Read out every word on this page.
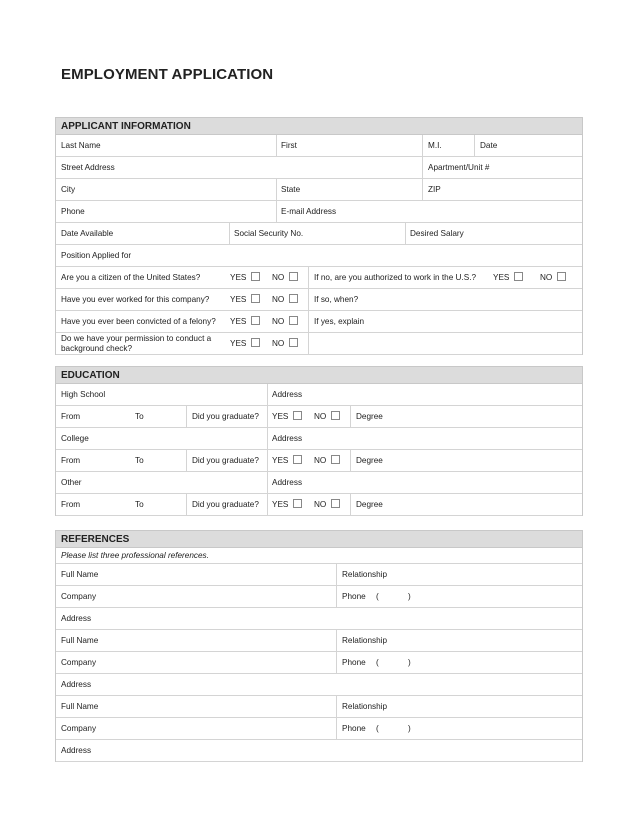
EMPLOYMENT APPLICATION
APPLICANT INFORMATION
Last Name	First	M.I.	Date
Street Address	Apartment/Unit #
City	State	ZIP
Phone	E-mail Address
Date Available	Social Security No.	Desired Salary
Position Applied for
Are you a citizen of the United States?	YES	NO	If no, are you authorized to work in the U.S.? YES	NO
Have you ever worked for this company?	YES	NO	If so, when?
Have you ever been convicted of a felony? YES	NO	If yes, explain
Do we have your permission to conduct a background check?	YES	NO
EDUCATION
High School	Address
From	To	Did you graduate? YES	NO	Degree
College	Address
From	To	Did you graduate? YES	NO	Degree
Other	Address
From	To	Did you graduate? YES	NO	Degree
REFERENCES
Please list three professional references.
Full Name	Relationship
Company	Phone (	)
Address
Full Name	Relationship
Company	Phone (	)
Address
Full Name	Relationship
Company	Phone (	)
Address
